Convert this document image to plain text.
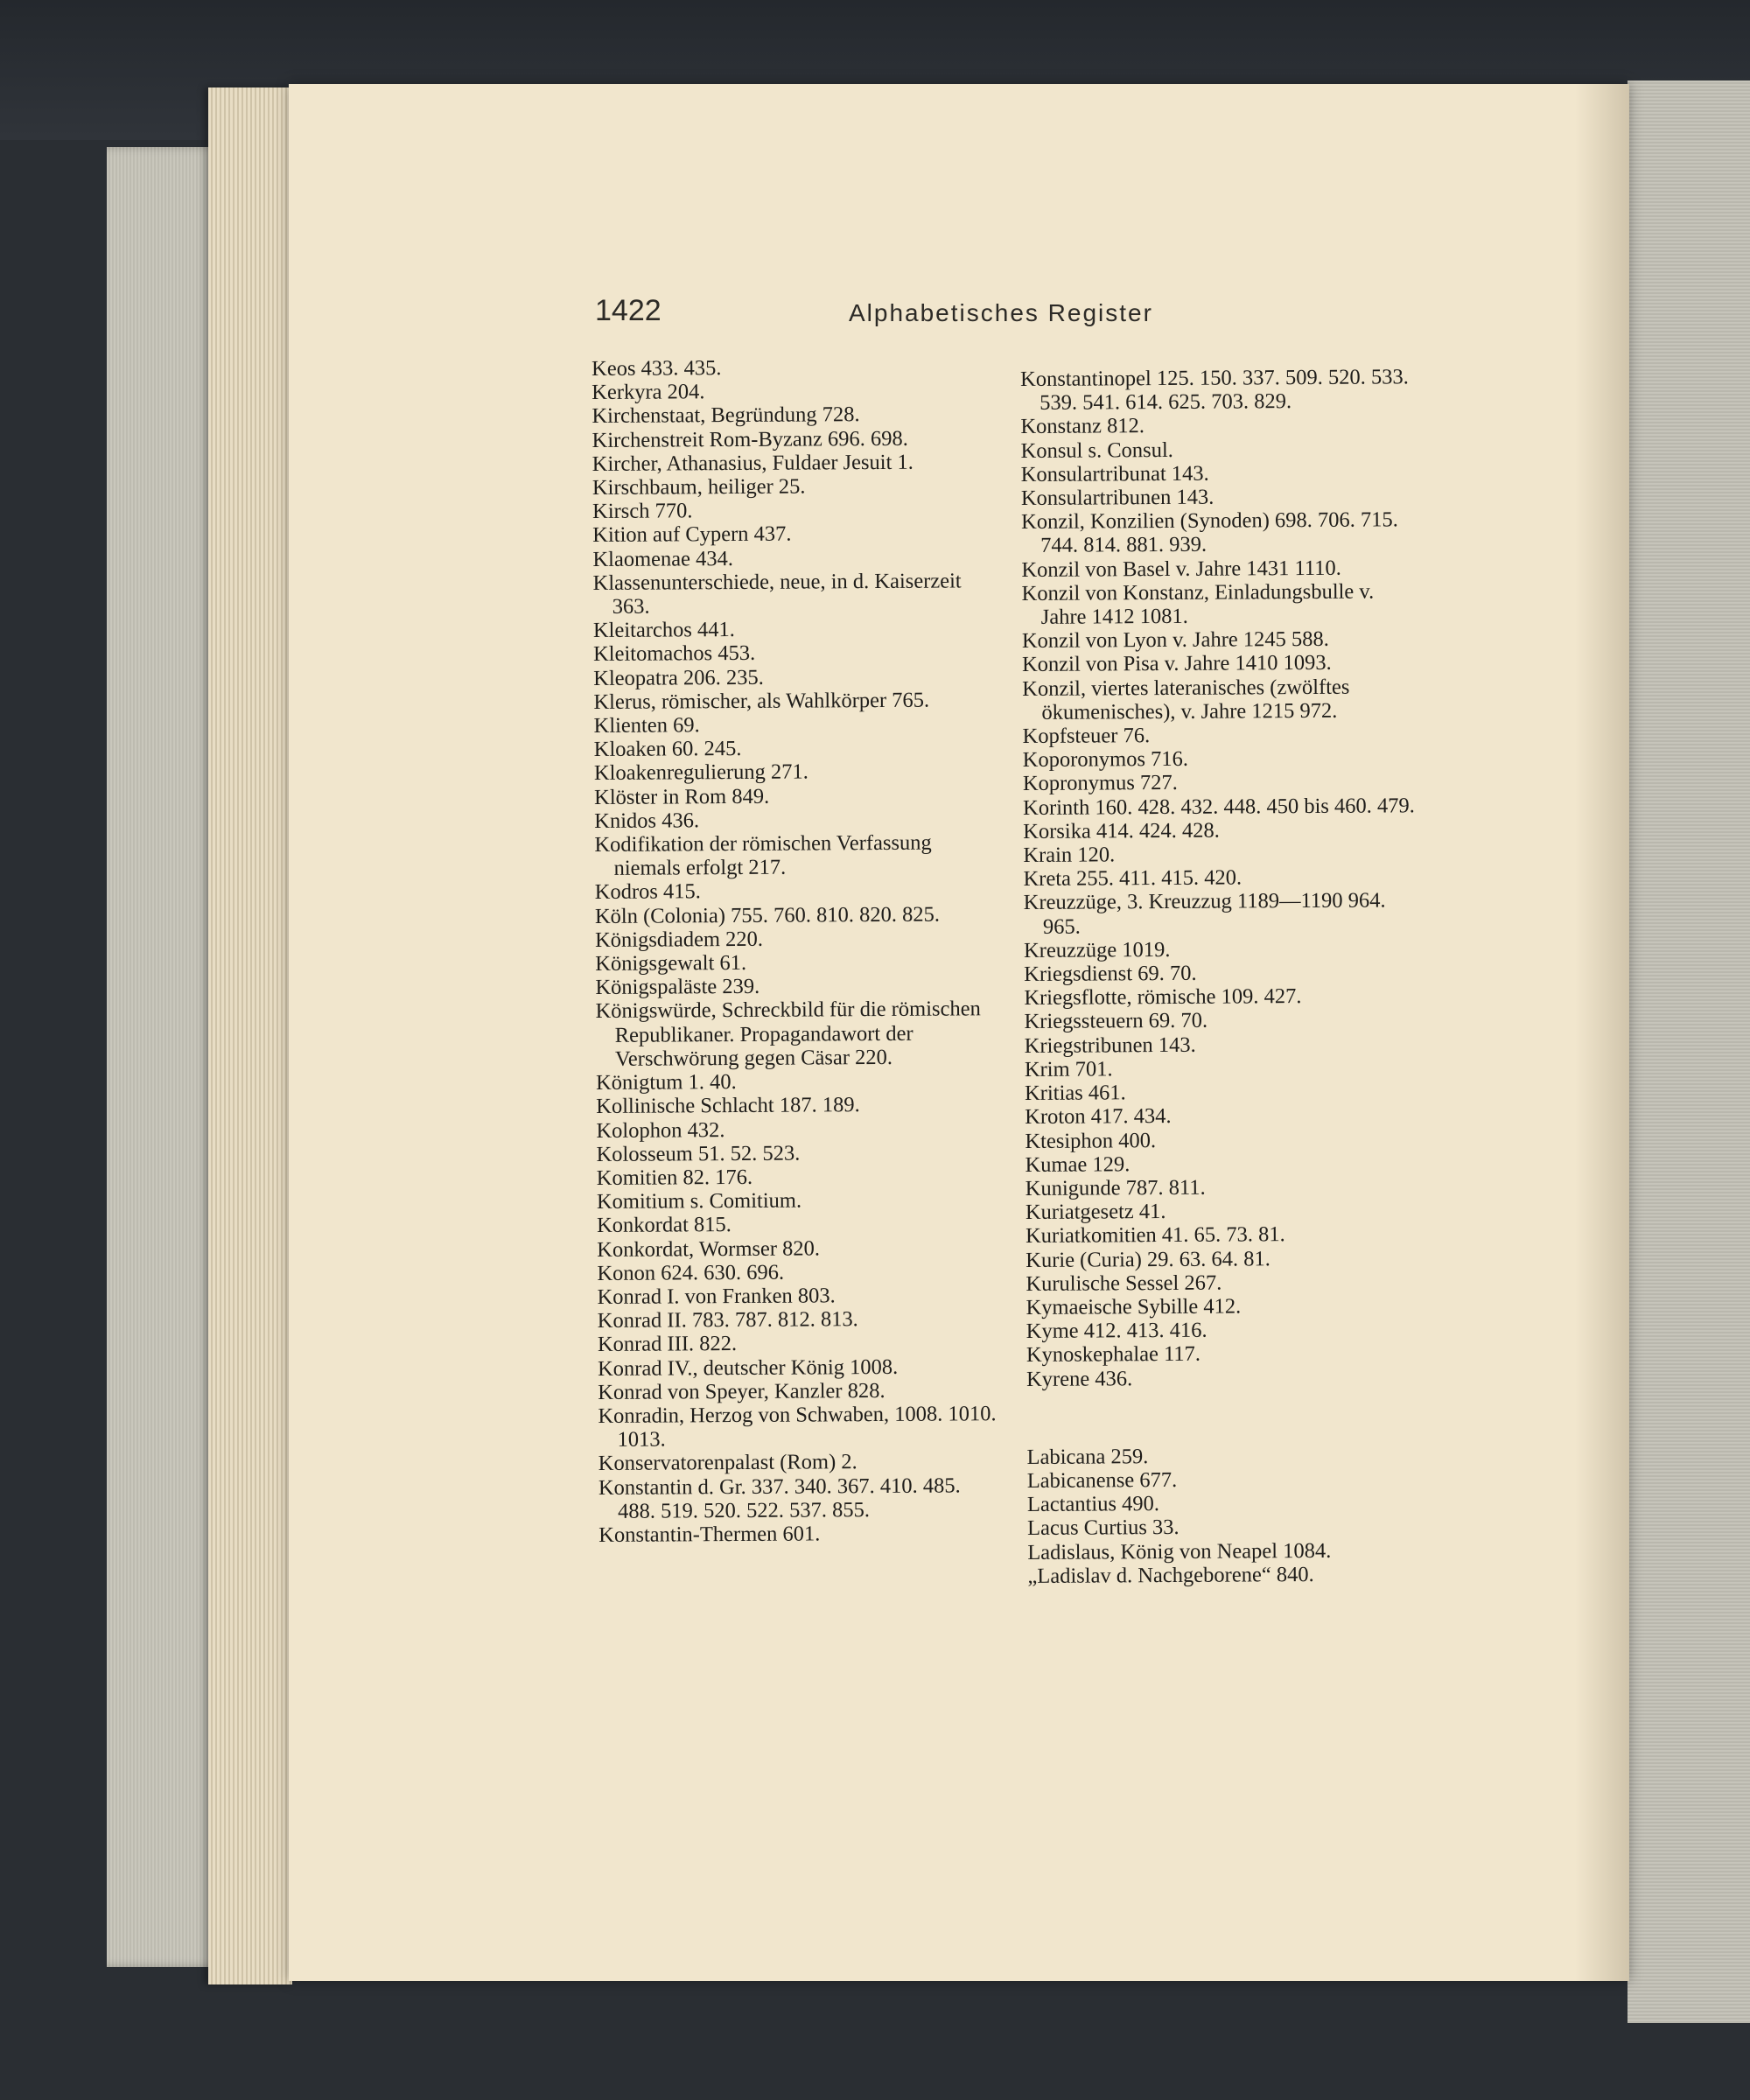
1422	Alphabetisches Register
Keos 433. 435.
Kerkyra 204.
Kirchenstaat, Begründung 728.
Kirchenstreit Rom-Byzanz 696. 698.
Kircher, Athanasius, Fuldaer Jesuit 1.
Kirschbaum, heiliger 25.
Kirsch 770.
Kition auf Cypern 437.
Klaomenae 434.
Klassenunterschiede, neue, in d. Kaiserzeit 363.
Kleitarchos 441.
Kleitomachos 453.
Kleopatra 206. 235.
Klerus, römischer, als Wahlkörper 765.
Klienten 69.
Kloaken 60. 245.
Kloakenregulierung 271.
Klöster in Rom 849.
Knidos 436.
Kodifikation der römischen Verfassung niemals erfolgt 217.
Kodros 415.
Köln (Colonia) 755. 760. 810. 820. 825.
Königsdiadem 220.
Königsgewalt 61.
Königspaläste 239.
Königswürde, Schreckbild für die römischen Republikaner. Propagandawort der Verschwörung gegen Cäsar 220.
Königtum 1. 40.
Kollinische Schlacht 187. 189.
Kolophon 432.
Kolosseum 51. 52. 523.
Komitien 82. 176.
Komitium s. Comitium.
Konkordat 815.
Konkordat, Wormser 820.
Konon 624. 630. 696.
Konrad I. von Franken 803.
Konrad II. 783. 787. 812. 813.
Konrad III. 822.
Konrad IV., deutscher König 1008.
Konrad von Speyer, Kanzler 828.
Konradin, Herzog von Schwaben, 1008. 1010. 1013.
Konservatorenpalast (Rom) 2.
Konstantin d. Gr. 337. 340. 367. 410. 485. 488. 519. 520. 522. 537. 855.
Konstantin-Thermen 601.
Konstantinopel 125. 150. 337. 509. 520. 533. 539. 541. 614. 625. 703. 829.
Konstanz 812.
Konsul s. Consul.
Konsulartribunat 143.
Konsulartribunen 143.
Konzil, Konzilien (Synoden) 698. 706. 715. 744. 814. 881. 939.
Konzil von Basel v. Jahre 1431 1110.
Konzil von Konstanz, Einladungsbulle v. Jahre 1412 1081.
Konzil von Lyon v. Jahre 1245 588.
Konzil von Pisa v. Jahre 1410 1093.
Konzil, viertes lateranisches (zwölftes ökumenisches), v. Jahre 1215 972.
Kopfsteuer 76.
Koporonymos 716.
Kopronymus 727.
Korinth 160. 428. 432. 448. 450 bis 460. 479.
Korsika 414. 424. 428.
Krain 120.
Kreta 255. 411. 415. 420.
Kreuzzüge, 3. Kreuzzug 1189—1190 964. 965.
Kreuzzüge 1019.
Kriegsdienst 69. 70.
Kriegsflotte, römische 109. 427.
Kriegssteuern 69. 70.
Kriegstribunen 143.
Krim 701.
Kritias 461.
Kroton 417. 434.
Ktesiphon 400.
Kumae 129.
Kunigunde 787. 811.
Kuriatgesetz 41.
Kuriatkomitien 41. 65. 73. 81.
Kurie (Curia) 29. 63. 64. 81.
Kurulische Sessel 267.
Kymaeische Sybille 412.
Kyme 412. 413. 416.
Kynoskephalae 117.
Kyrene 436.
Labicana 259.
Labicanense 677.
Lactantius 490.
Lacus Curtius 33.
Ladislaus, König von Neapel 1084.
„Ladislav d. Nachgeborene“ 840.
